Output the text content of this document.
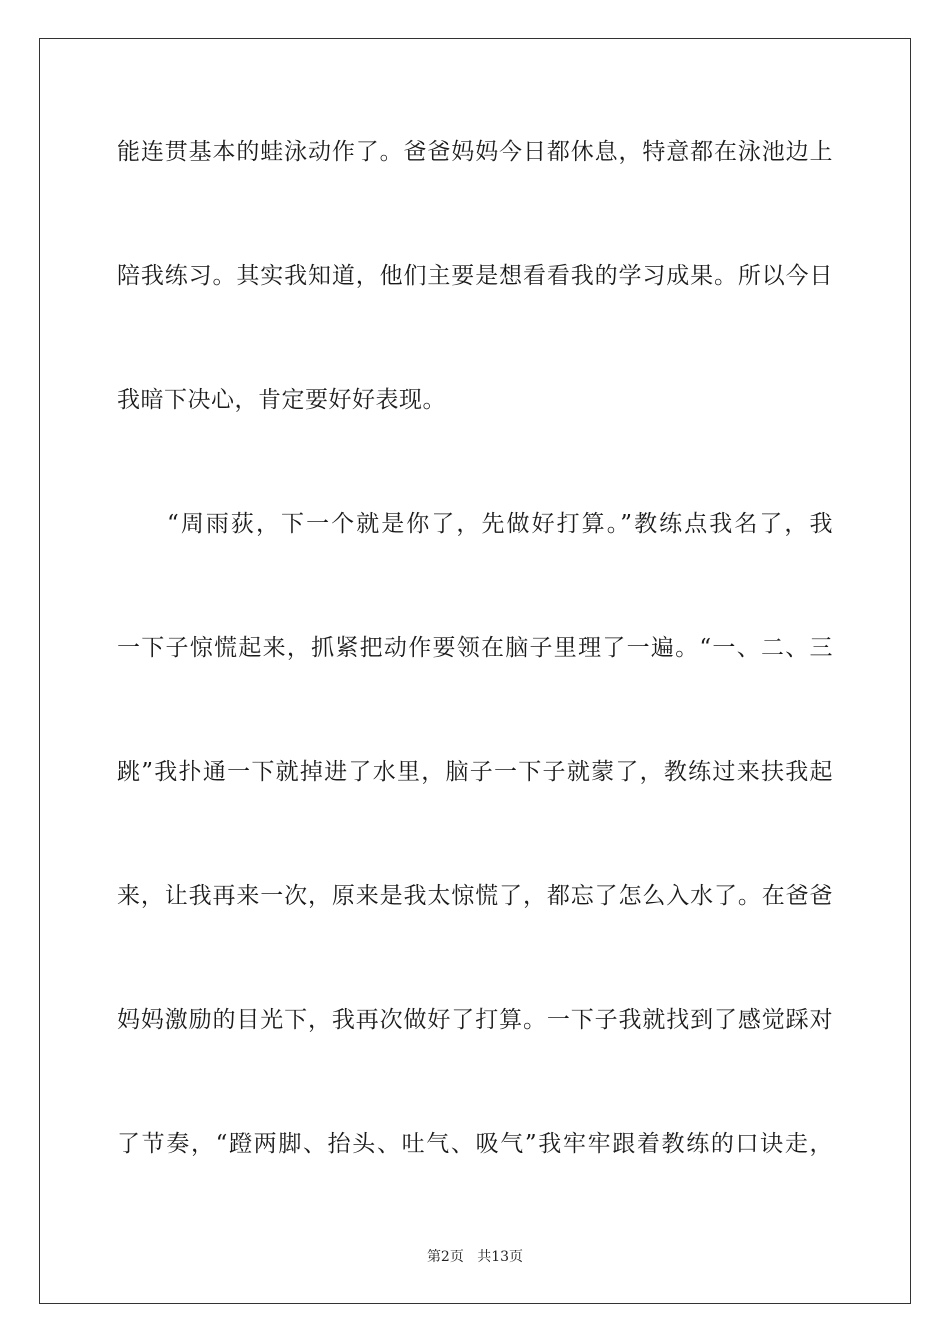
能连贯基本的蛙泳动作了。爸爸妈妈今日都休息，特意都在泳池边上
陪我练习。其实我知道，他们主要是想看看我的学习成果。所以今日
我暗下决心，肯定要好好表现。
“周雨荻，下一个就是你了，先做好打算。”教练点我名了，我
一下子惊慌起来，抓紧把动作要领在脑子里理了一遍。“一、二、三
跳”我扑通一下就掉进了水里，脑子一下子就蒙了，教练过来扶我起
来，让我再来一次，原来是我太惊慌了，都忘了怎么入水了。在爸爸
妈妈激励的目光下，我再次做好了打算。一下子我就找到了感觉踩对
了节奏，“蹬两脚、抬头、吐气、吸气”我牢牢跟着教练的口诀走，
第2页 共13页
